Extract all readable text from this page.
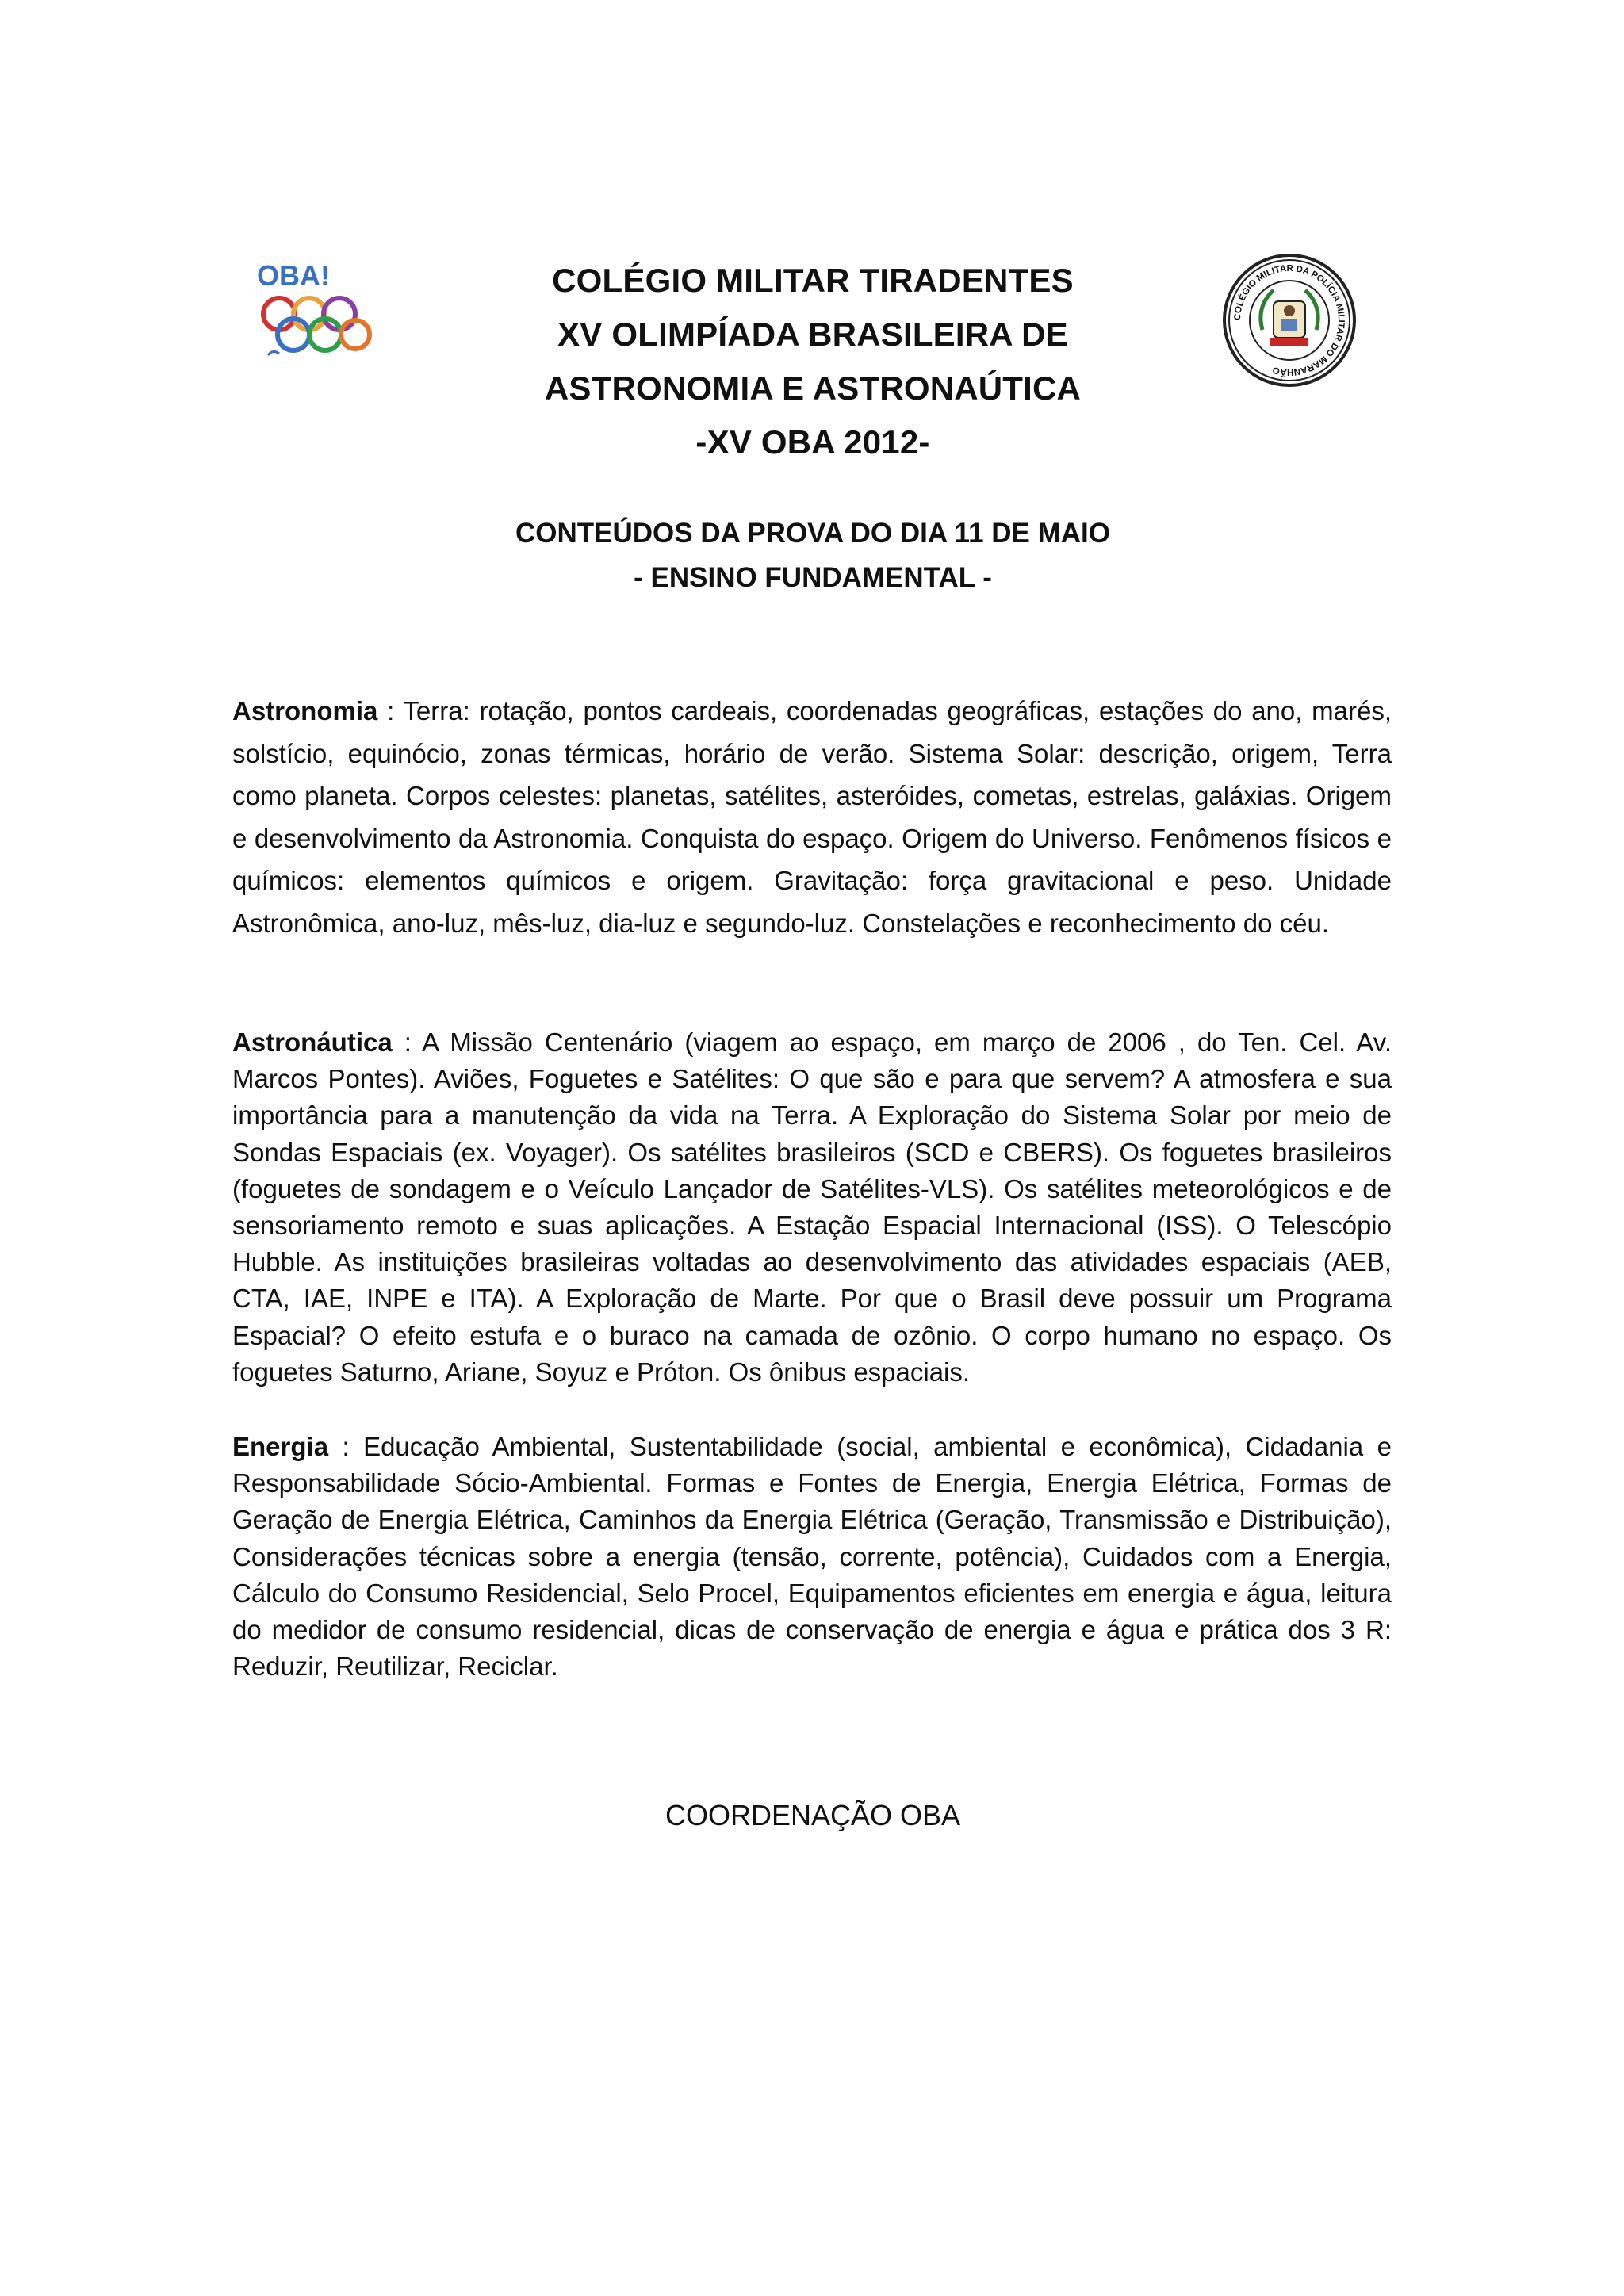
OBA!
COLÉGIO MILITAR DA POLÍCIA MILITAR DO MARANHÃO
COLÉGIO MILITAR TIRADENTES
XV OLIMPÍADA BRASILEIRA DE
ASTRONOMIA E ASTRONAÚTICA
-XV OBA 2012-
CONTEÚDOS DA PROVA DO DIA 11 DE MAIO
- ENSINO FUNDAMENTAL -
Astronomia : Terra: rotação, pontos cardeais, coordenadas geográficas, estações do ano, marés, solstício, equinócio, zonas térmicas, horário de verão. Sistema Solar: descrição, origem, Terra como planeta. Corpos celestes: planetas, satélites, asteróides, cometas, estrelas, galáxias. Origem e desenvolvimento da Astronomia. Conquista do espaço. Origem do Universo. Fenômenos físicos e químicos: elementos químicos e origem. Gravitação: força gravitacional e peso. Unidade Astronômica, ano-luz, mês-luz, dia-luz e segundo-luz. Constelações e reconhecimento do céu.
Astronáutica : A Missão Centenário (viagem ao espaço, em março de 2006 , do Ten. Cel. Av. Marcos Pontes). Aviões, Foguetes e Satélites: O que são e para que servem? A atmosfera e sua importância para a manutenção da vida na Terra. A Exploração do Sistema Solar por meio de Sondas Espaciais (ex. Voyager). Os satélites brasileiros (SCD e CBERS). Os foguetes brasileiros (foguetes de sondagem e o Veículo Lançador de Satélites-VLS). Os satélites meteorológicos e de sensoriamento remoto e suas aplicações. A Estação Espacial Internacional (ISS). O Telescópio Hubble. As instituições brasileiras voltadas ao desenvolvimento das atividades espaciais (AEB, CTA, IAE, INPE e ITA). A Exploração de Marte. Por que o Brasil deve possuir um Programa Espacial? O efeito estufa e o buraco na camada de ozônio. O corpo humano no espaço. Os foguetes Saturno, Ariane, Soyuz e Próton. Os ônibus espaciais.
Energia : Educação Ambiental, Sustentabilidade (social, ambiental e econômica), Cidadania e Responsabilidade Sócio-Ambiental. Formas e Fontes de Energia, Energia Elétrica, Formas de Geração de Energia Elétrica, Caminhos da Energia Elétrica (Geração, Transmissão e Distribuição), Considerações técnicas sobre a energia (tensão, corrente, potência), Cuidados com a Energia, Cálculo do Consumo Residencial, Selo Procel, Equipamentos eficientes em energia e água, leitura do medidor de consumo residencial, dicas de conservação de energia e água e prática dos 3 R: Reduzir, Reutilizar, Reciclar.
COORDENAÇÃO OBA
